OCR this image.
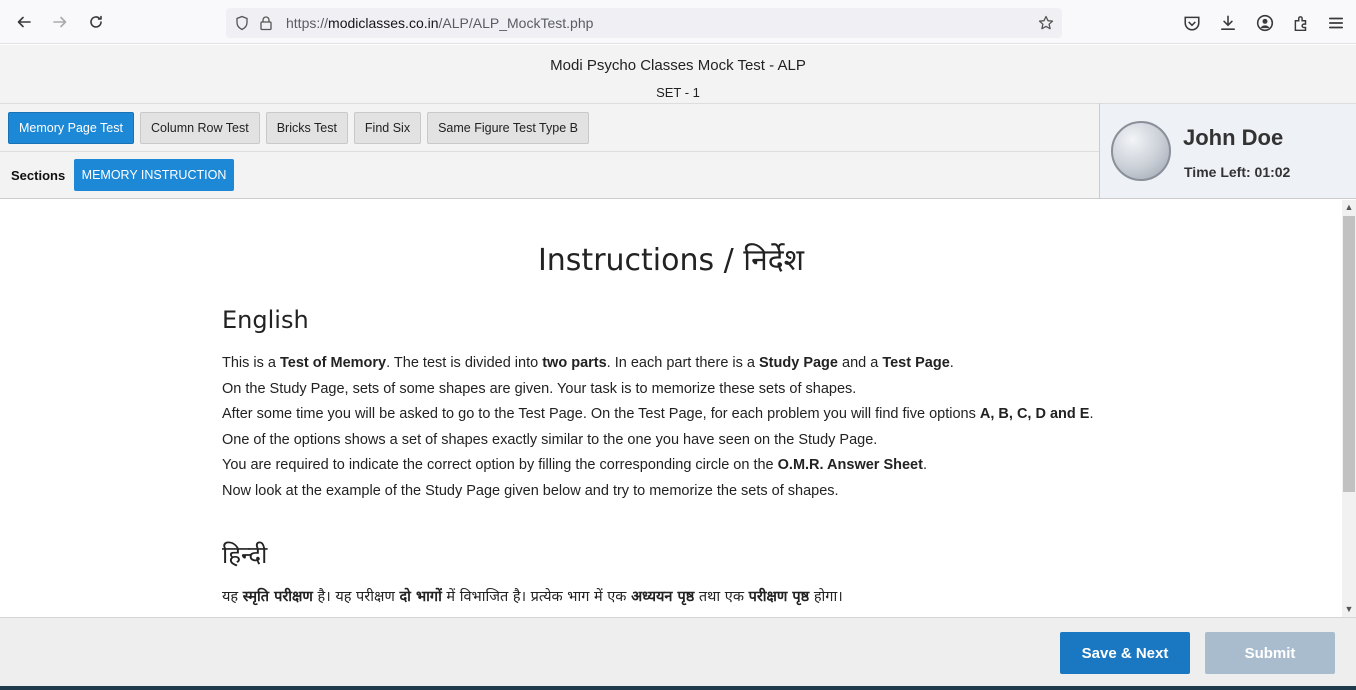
https://modiclasses.co.in/ALP/ALP_MockTest.php
Modi Psycho Classes Mock Test - ALP
SET - 1
Memory Page Test	Column Row Test	Bricks Test	Find Six	Same Figure Test Type B
Sections	MEMORY INSTRUCTION
John Doe
Time Left: 01:02
Instructions / निर्देश
English
This is a Test of Memory. The test is divided into two parts. In each part there is a Study Page and a Test Page.
On the Study Page, sets of some shapes are given. Your task is to memorize these sets of shapes.
After some time you will be asked to go to the Test Page. On the Test Page, for each problem you will find five options A, B, C, D and E.
One of the options shows a set of shapes exactly similar to the one you have seen on the Study Page.
You are required to indicate the correct option by filling the corresponding circle on the O.M.R. Answer Sheet.
Now look at the example of the Study Page given below and try to memorize the sets of shapes.
हिन्दी
यह स्मृति परीक्षण है। यह परीक्षण दो भागों में विभाजित है। प्रत्येक भाग में एक अध्ययन पृष्ठ तथा एक परीक्षण पृष्ठ होगा।
▲
▼
Save & Next	Submit
